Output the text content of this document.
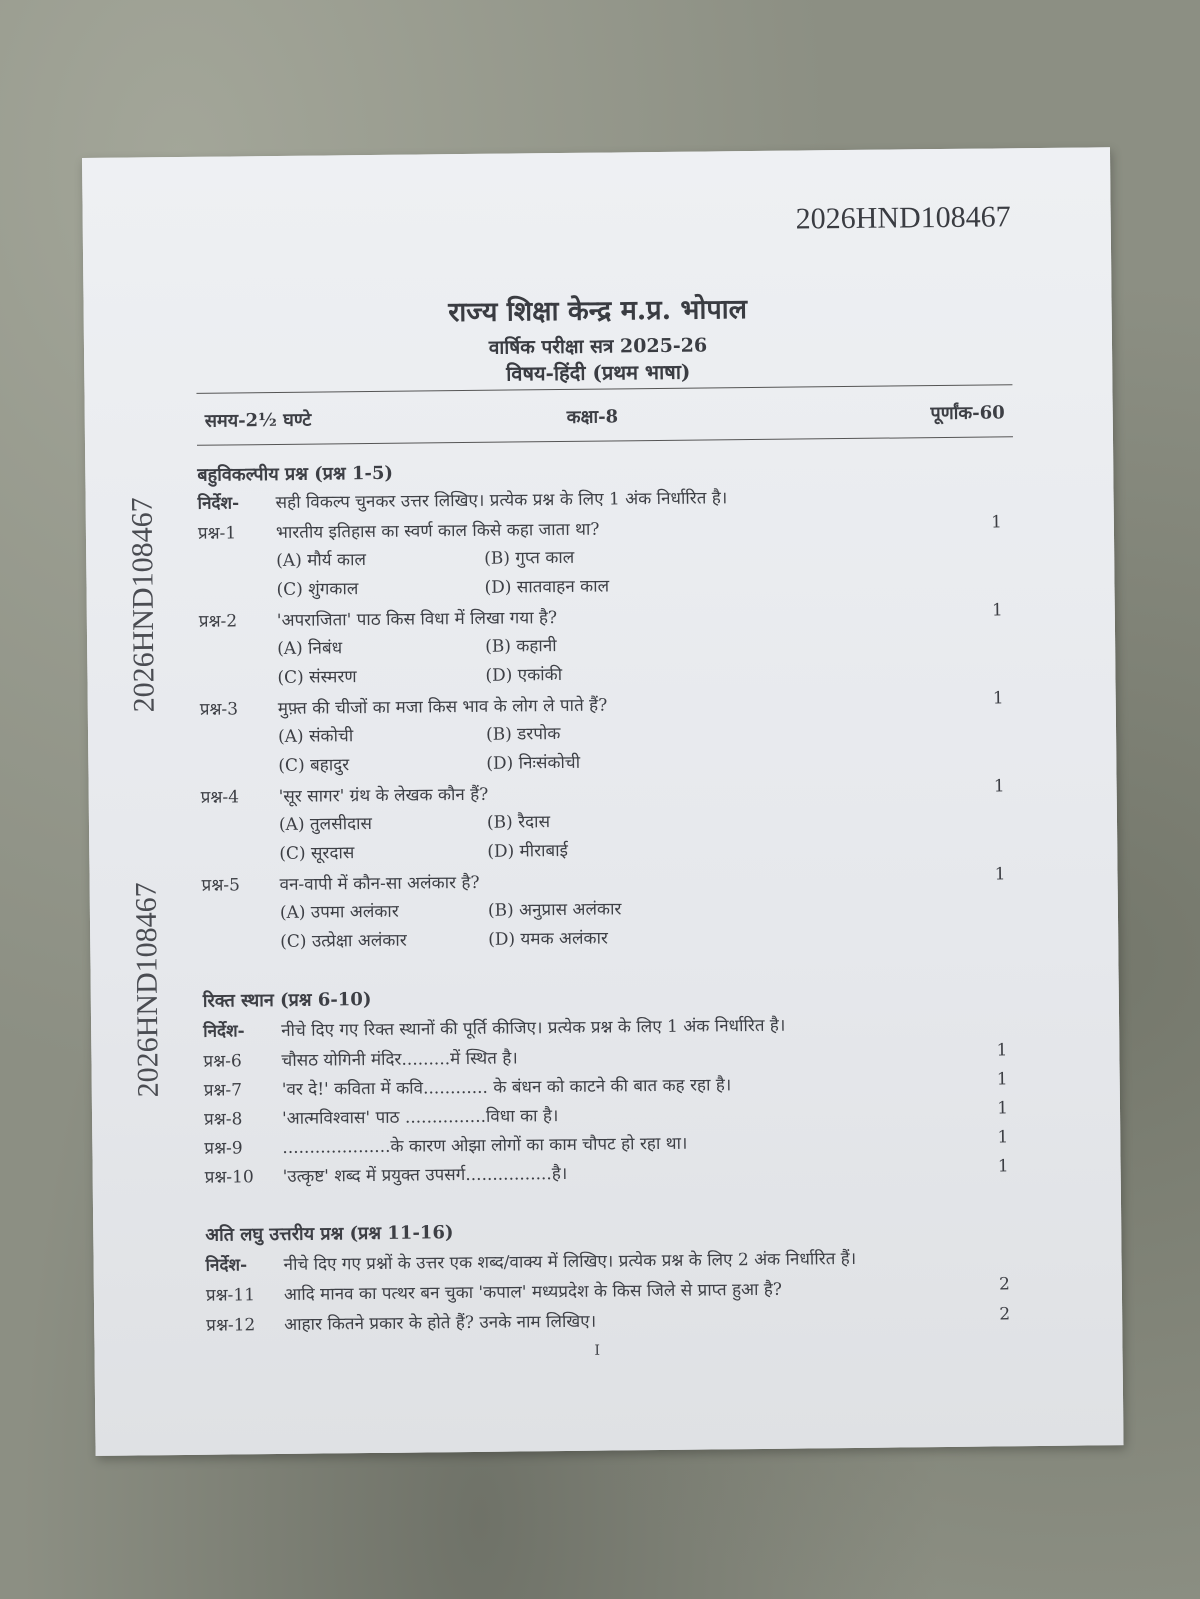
2026HND108467
2026HND108467
2026HND108467
राज्य शिक्षा केन्द्र म.प्र. भोपाल
वार्षिक परीक्षा सत्र 2025-26
विषय-हिंदी (प्रथम भाषा)
समय-2½ घण्टे	कक्षा-8	पूर्णांक-60
बहुविकल्पीय प्रश्न (प्रश्न 1-5)
निर्देश- सही विकल्प चुनकर उत्तर लिखिए। प्रत्येक प्रश्न के लिए 1 अंक निर्धारित है।
प्रश्न-1 भारतीय इतिहास का स्वर्ण काल किसे कहा जाता था?	1
(A) मौर्य काल	(B) गुप्त काल
(C) शुंगकाल	(D) सातवाहन काल
प्रश्न-2 'अपराजिता' पाठ किस विधा में लिखा गया है?	1
(A) निबंध	(B) कहानी
(C) संस्मरण	(D) एकांकी
प्रश्न-3 मुफ़्त की चीजों का मजा किस भाव के लोग ले पाते हैं?	1
(A) संकोची	(B) डरपोक
(C) बहादुर	(D) निःसंकोची
प्रश्न-4 'सूर सागर' ग्रंथ के लेखक कौन हैं?	1
(A) तुलसीदास	(B) रैदास
(C) सूरदास	(D) मीराबाई
प्रश्न-5 वन-वापी में कौन-सा अलंकार है?	1
(A) उपमा अलंकार	(B) अनुप्रास अलंकार
(C) उत्प्रेक्षा अलंकार	(D) यमक अलंकार
रिक्त स्थान (प्रश्न 6-10)
निर्देश- नीचे दिए गए रिक्त स्थानों की पूर्ति कीजिए। प्रत्येक प्रश्न के लिए 1 अंक निर्धारित है।
प्रश्न-6 चौसठ योगिनी मंदिर.........में स्थित है।	1
प्रश्न-7 'वर दे!' कविता में कवि............ के बंधन को काटने की बात कह रहा है।	1
प्रश्न-8 'आत्मविश्वास' पाठ ...............विधा का है।	1
प्रश्न-9 ....................के कारण ओझा लोगों का काम चौपट हो रहा था।	1
प्रश्न-10 'उत्कृष्ट' शब्द में प्रयुक्त उपसर्ग................है।	1
अति लघु उत्तरीय प्रश्न (प्रश्न 11-16)
निर्देश- नीचे दिए गए प्रश्नों के उत्तर एक शब्द/वाक्य में लिखिए। प्रत्येक प्रश्न के लिए 2 अंक निर्धारित हैं।
प्रश्न-11 आदि मानव का पत्थर बन चुका 'कपाल' मध्यप्रदेश के किस जिले से प्राप्त हुआ है?	2
प्रश्न-12 आहार कितने प्रकार के होते हैं? उनके नाम लिखिए।	2
I
